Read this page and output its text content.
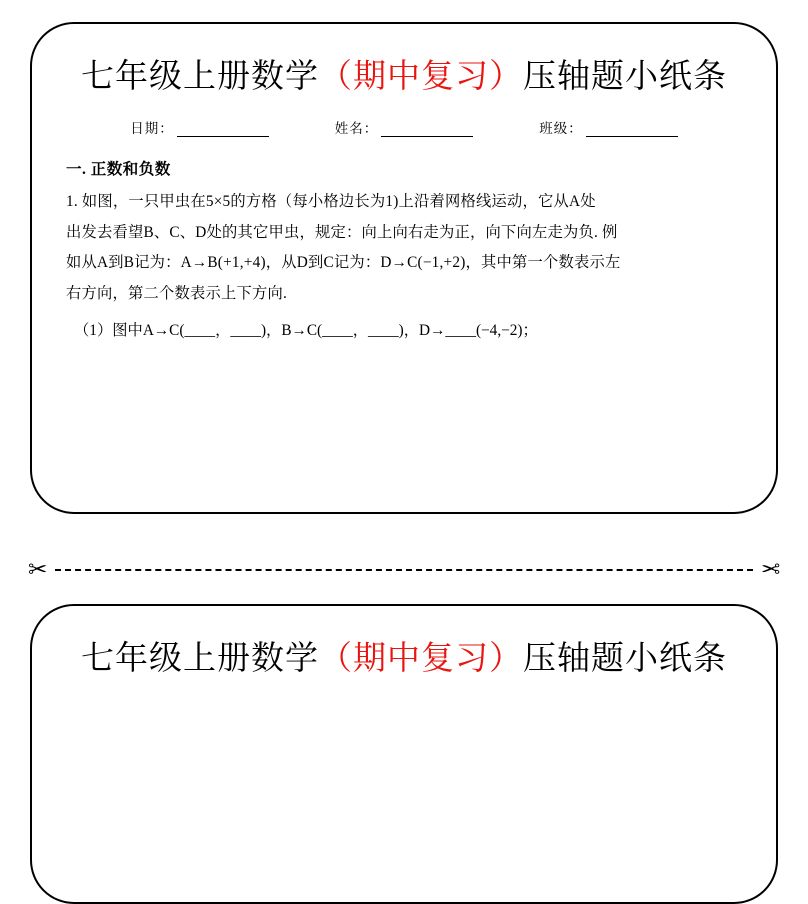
七年级上册数学（期中复习）压轴题小纸条
日期：	姓名：	班级：
一. 正数和负数
1. 如图，一只甲虫在5×5的方格（每小格边长为1)上沿着网格线运动，它从A处
出发去看望B、C、D处的其它甲虫，规定：向上向右走为正，向下向左走为负. 例
如从A到B记为：A→B(+1,+4)，从D到C记为：D→C(−1,+2)，其中第一个数表示左
右方向，第二个数表示上下方向.
（1）图中A→C(____，____)，B→C(____，____)，D→____(−4,−2)；
✂	✂
七年级上册数学（期中复习）压轴题小纸条
